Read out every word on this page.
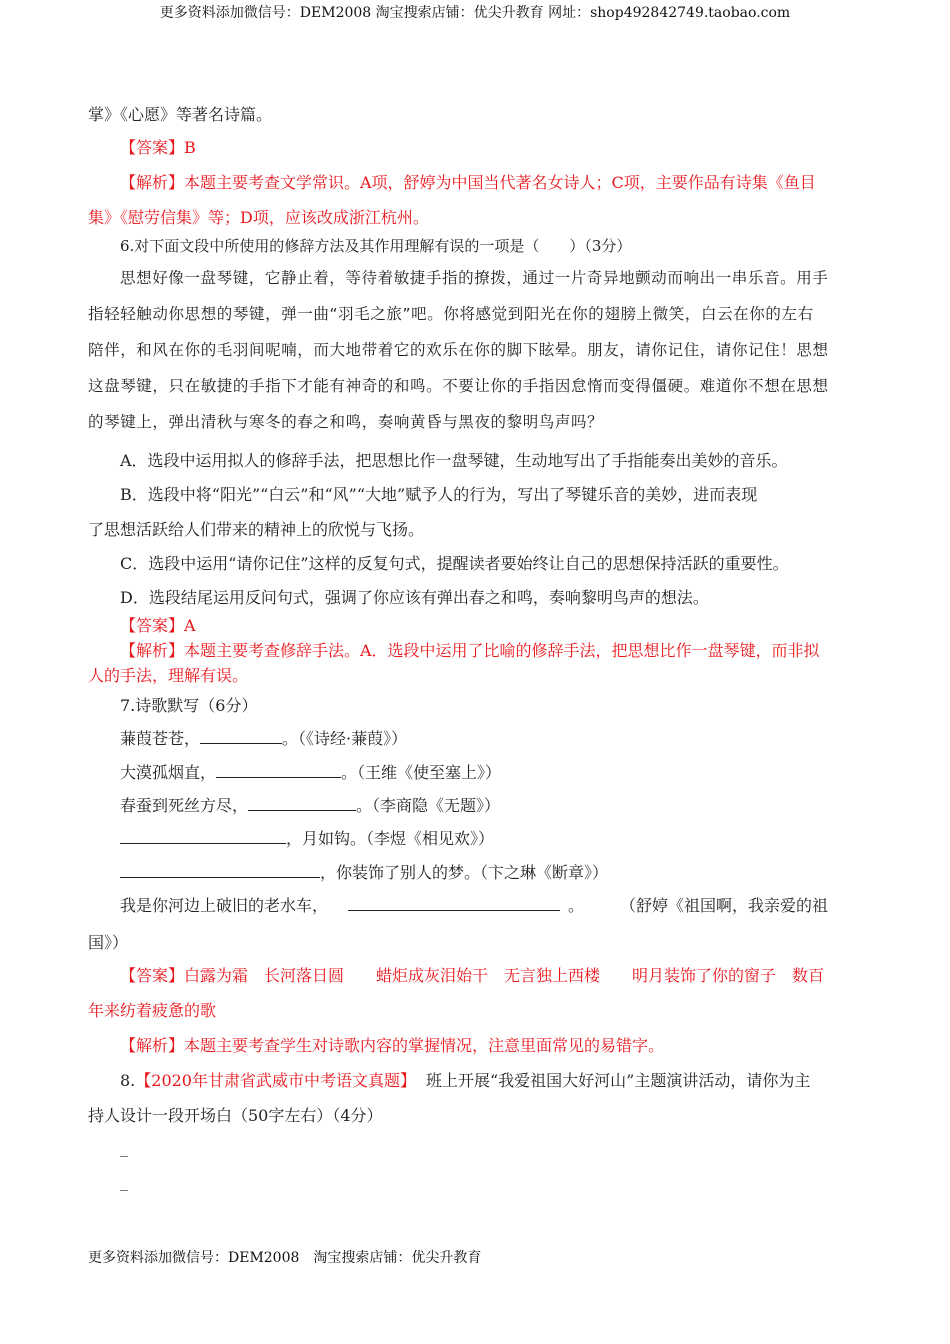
更多资料添加微信号：DEM2008 淘宝搜索店铺：优尖升教育 网址：shop492842749.taobao.com
掌》《心愿》等著名诗篇。
【答案】B
【解析】本题主要考查文学常识。A项，舒婷为中国当代著名女诗人；C项，主要作品有诗集《鱼目
集》《慰劳信集》等；D项，应该改成浙江杭州。
6.对下面文段中所使用的修辞方法及其作用理解有误的一项是（　　）（3分）
思想好像一盘琴键，它静止着，等待着敏捷手指的撩拨，通过一片奇异地颤动而响出一串乐音。用手
指轻轻触动你思想的琴键，弹一曲“羽毛之旅”吧。你将感觉到阳光在你的翅膀上微笑，白云在你的左右
陪伴，和风在你的毛羽间呢喃，而大地带着它的欢乐在你的脚下眩晕。朋友，请你记住，请你记住！思想
这盘琴键，只在敏捷的手指下才能有神奇的和鸣。不要让你的手指因怠惰而变得僵硬。难道你不想在思想
的琴键上，弹出清秋与寒冬的春之和鸣，奏响黄昏与黑夜的黎明鸟声吗？
A．选段中运用拟人的修辞手法，把思想比作一盘琴键，生动地写出了手指能奏出美妙的音乐。
B．选段中将“阳光”“白云”和“风”“大地”赋予人的行为，写出了琴键乐音的美妙，进而表现
了思想活跃给人们带来的精神上的欣悦与飞扬。
C．选段中运用“请你记住”这样的反复句式，提醒读者要始终让自己的思想保持活跃的重要性。
D．选段结尾运用反问句式，强调了你应该有弹出春之和鸣，奏响黎明鸟声的想法。
【答案】A
【解析】本题主要考查修辞手法。A．选段中运用了比喻的修辞手法，把思想比作一盘琴键，而非拟
人的手法，理解有误。
7.诗歌默写（6分）
蒹葭苍苍，	。（《诗经·蒹葭》）
大漠孤烟直，	。（王维《使至塞上》）
春蚕到死丝方尽，	。（李商隐《无题》）
，月如钩。（李煜《相见欢》）
，你装饰了别人的梦。（卞之琳《断章》）
我是你河边上破旧的老水车，	。 （舒婷《祖国啊，我亲爱的祖
国》）
【答案】白露为霜　长河落日圆　　蜡炬成灰泪始干　无言独上西楼　　明月装饰了你的窗子　数百
年来纺着疲惫的歌
【解析】本题主要考查学生对诗歌内容的掌握情况，注意里面常见的易错字。
8.【2020年甘肃省武威市中考语文真题】 班上开展“我爱祖国大好河山”主题演讲活动，请你为主
持人设计一段开场白（50字左右）（4分）
_
_
更多资料添加微信号：DEM2008　淘宝搜索店铺：优尖升教育
